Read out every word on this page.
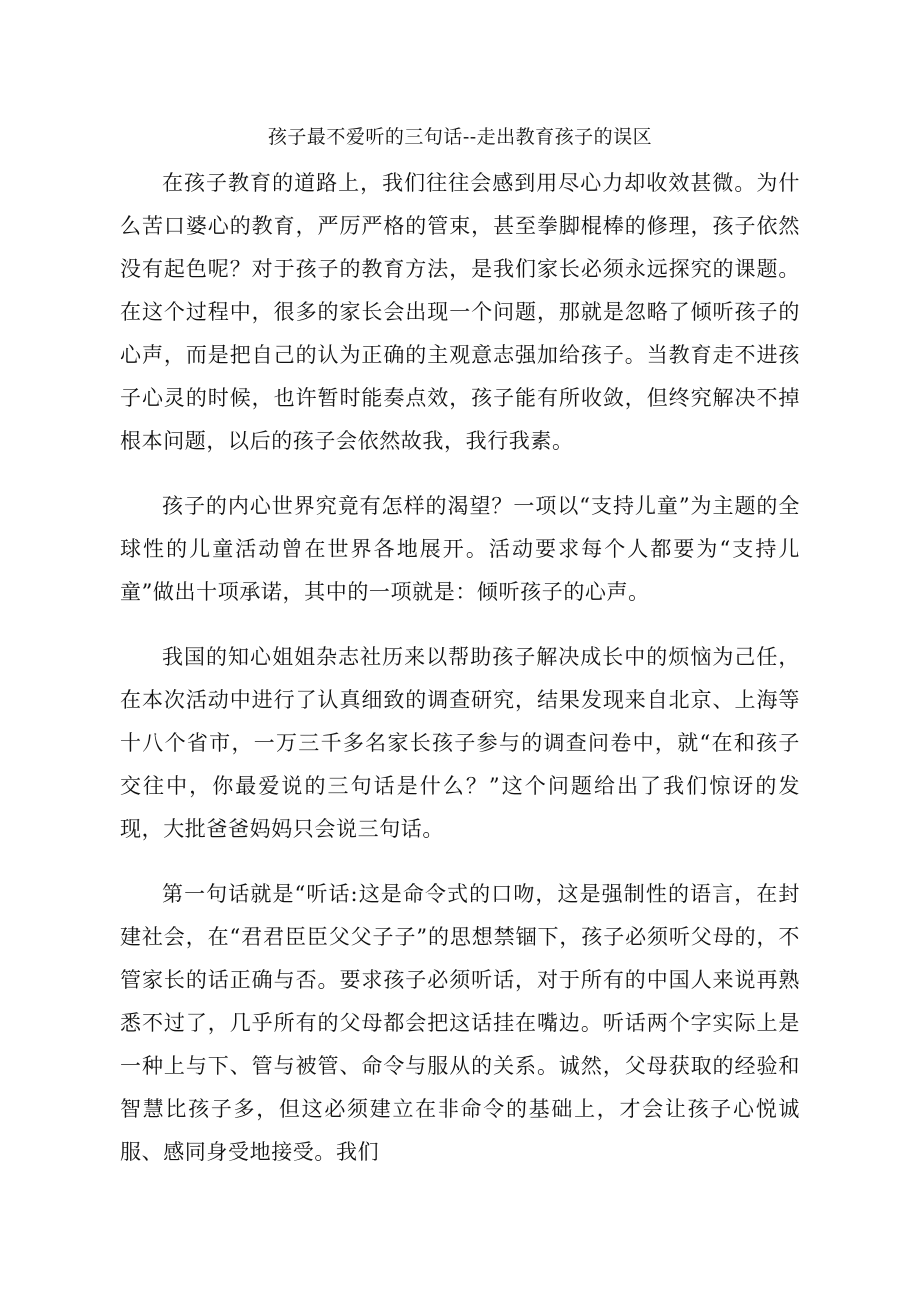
孩子最不爱听的三句话--走出教育孩子的误区

在孩子教育的道路上，我们往往会感到用尽心力却收效甚微。为什么苦口婆心的教育，严厉严格的管束，甚至拳脚棍棒的修理，孩子依然没有起色呢？对于孩子的教育方法，是我们家长必须永远探究的课题。在这个过程中，很多的家长会出现一个问题，那就是忽略了倾听孩子的心声，而是把自己的认为正确的主观意志强加给孩子。当教育走不进孩子心灵的时候，也许暂时能奏点效，孩子能有所收敛，但终究解决不掉根本问题，以后的孩子会依然故我，我行我素。

孩子的内心世界究竟有怎样的渴望？一项以“支持儿童”为主题的全球性的儿童活动曾在世界各地展开。活动要求每个人都要为“支持儿童”做出十项承诺，其中的一项就是：倾听孩子的心声。

我国的知心姐姐杂志社历来以帮助孩子解决成长中的烦恼为己任，在本次活动中进行了认真细致的调查研究，结果发现来自北京、上海等十八个省市，一万三千多名家长孩子参与的调查问卷中，就“在和孩子交往中，你最爱说的三句话是什么？”这个问题给出了我们惊讶的发现，大批爸爸妈妈只会说三句话。

第一句话就是“听话:这是命令式的口吻，这是强制性的语言，在封建社会，在“君君臣臣父父子子”的思想禁锢下，孩子必须听父母的，不管家长的话正确与否。要求孩子必须听话，对于所有的中国人来说再熟悉不过了，几乎所有的父母都会把这话挂在嘴边。听话两个字实际上是一种上与下、管与被管、命令与服从的关系。诚然，父母获取的经验和智慧比孩子多，但这必须建立在非命令的基础上，才会让孩子心悦诚服、感同身受地接受。我们
